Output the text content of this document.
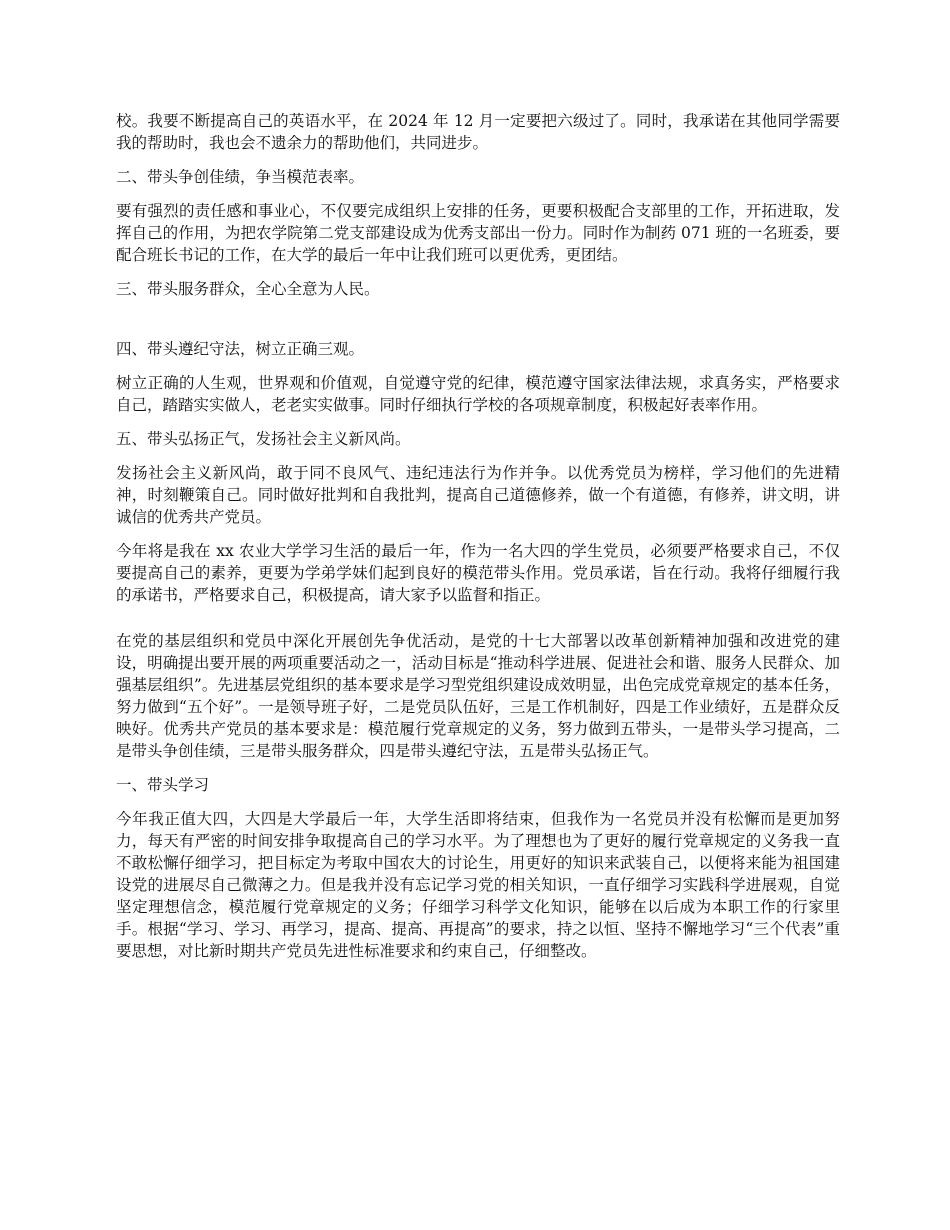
校。我要不断提高自己的英语水平，在 2024 年 12 月一定要把六级过了。同时，我承诺在其他同学需要我的帮助时，我也会不遗余力的帮助他们，共同进步。

二、带头争创佳绩，争当模范表率。

要有强烈的责任感和事业心，不仅要完成组织上安排的任务，更要积极配合支部里的工作，开拓进取，发挥自己的作用，为把农学院第二党支部建设成为优秀支部出一份力。同时作为制药 071 班的一名班委，要配合班长书记的工作，在大学的最后一年中让我们班可以更优秀，更团结。

三、带头服务群众，全心全意为人民。

四、带头遵纪守法，树立正确三观。

树立正确的人生观，世界观和价值观，自觉遵守党的纪律，模范遵守国家法律法规，求真务实，严格要求自己，踏踏实实做人，老老实实做事。同时仔细执行学校的各项规章制度，积极起好表率作用。

五、带头弘扬正气，发扬社会主义新风尚。

发扬社会主义新风尚，敢于同不良风气、违纪违法行为作并争。以优秀党员为榜样，学习他们的先进精神，时刻鞭策自己。同时做好批判和自我批判，提高自己道德修养，做一个有道德，有修养，讲文明，讲诚信的优秀共产党员。

今年将是我在 xx 农业大学学习生活的最后一年，作为一名大四的学生党员，必须要严格要求自己，不仅要提高自己的素养，更要为学弟学妹们起到良好的模范带头作用。党员承诺，旨在行动。我将仔细履行我的承诺书，严格要求自己，积极提高，请大家予以监督和指正。

在党的基层组织和党员中深化开展创先争优活动，是党的十七大部署以改革创新精神加强和改进党的建设，明确提出要开展的两项重要活动之一，活动目标是“推动科学进展、促进社会和谐、服务人民群众、加强基层组织”。先进基层党组织的基本要求是学习型党组织建设成效明显，出色完成党章规定的基本任务，努力做到“五个好”。一是领导班子好，二是党员队伍好，三是工作机制好，四是工作业绩好，五是群众反映好。优秀共产党员的基本要求是：模范履行党章规定的义务，努力做到五带头，一是带头学习提高，二是带头争创佳绩，三是带头服务群众，四是带头遵纪守法，五是带头弘扬正气。

一、带头学习

今年我正值大四，大四是大学最后一年，大学生活即将结束，但我作为一名党员并没有松懈而是更加努力，每天有严密的时间安排争取提高自己的学习水平。为了理想也为了更好的履行党章规定的义务我一直不敢松懈仔细学习，把目标定为考取中国农大的讨论生，用更好的知识来武装自己，以便将来能为祖国建设党的进展尽自己微薄之力。但是我并没有忘记学习党的相关知识，一直仔细学习实践科学进展观，自觉坚定理想信念，模范履行党章规定的义务；仔细学习科学文化知识，能够在以后成为本职工作的行家里手。根据“学习、学习、再学习，提高、提高、再提高”的要求，持之以恒、坚持不懈地学习“三个代表”重要思想，对比新时期共产党员先进性标准要求和约束自己，仔细整改。
